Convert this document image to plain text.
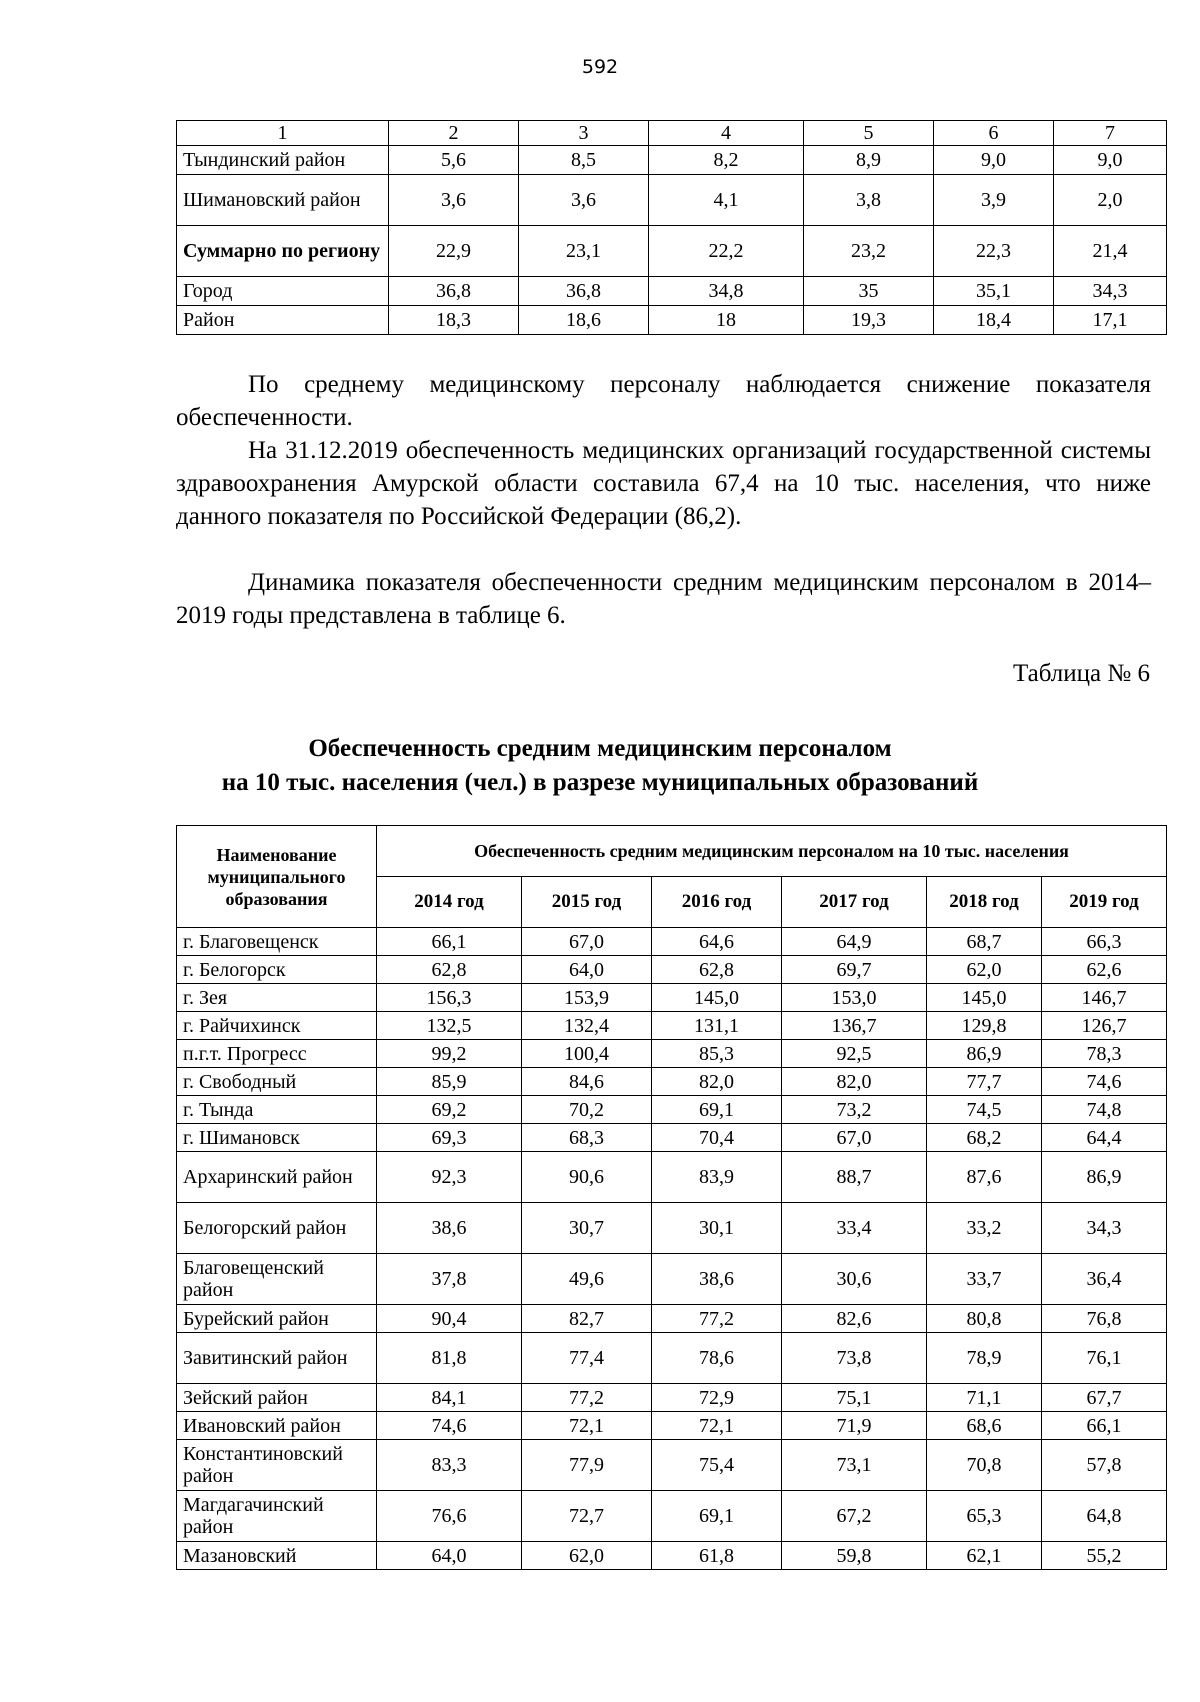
592
1	2	3	4	5	6	7
Тындинский район	5,6	8,5	8,2	8,9	9,0	9,0
Шимановский район	3,6	3,6	4,1	3,8	3,9	2,0
Суммарно по региону	22,9	23,1	22,2	23,2	22,3	21,4
Город	36,8	36,8	34,8	35	35,1	34,3
Район	18,3	18,6	18	19,3	18,4	17,1

По среднему медицинскому персоналу наблюдается снижение показателя обеспеченности.

На 31.12.2019 обеспеченность медицинских организаций государственной системы здравоохранения Амурской области составила 67,4 на 10 тыс. населения, что ниже данного показателя по Российской Федерации (86,2).

Динамика показателя обеспеченности средним медицинским персоналом в 2014–2019 годы представлена в таблице 6.

Таблица № 6

Обеспеченность средним медицинским персоналом
на 10 тыс. населения (чел.) в разрезе муниципальных образований
Наименование муниципального образования	Обеспеченность средним медицинским персоналом на 10 тыс. населения					
	2014 год	2015 год	2016 год	2017 год	2018 год	2019 год
г. Благовещенск	66,1	67,0	64,6	64,9	68,7	66,3
г. Белогорск	62,8	64,0	62,8	69,7	62,0	62,6
г. Зея	156,3	153,9	145,0	153,0	145,0	146,7
г. Райчихинск	132,5	132,4	131,1	136,7	129,8	126,7
п.г.т. Прогресс	99,2	100,4	85,3	92,5	86,9	78,3
г. Свободный	85,9	84,6	82,0	82,0	77,7	74,6
г. Тында	69,2	70,2	69,1	73,2	74,5	74,8
г. Шимановск	69,3	68,3	70,4	67,0	68,2	64,4
Архаринский район	92,3	90,6	83,9	88,7	87,6	86,9
Белогорский район	38,6	30,7	30,1	33,4	33,2	34,3
Благовещенский район	37,8	49,6	38,6	30,6	33,7	36,4
Бурейский район	90,4	82,7	77,2	82,6	80,8	76,8
Завитинский район	81,8	77,4	78,6	73,8	78,9	76,1
Зейский район	84,1	77,2	72,9	75,1	71,1	67,7
Ивановский район	74,6	72,1	72,1	71,9	68,6	66,1
Константиновский район	83,3	77,9	75,4	73,1	70,8	57,8
Магдагачинский район	76,6	72,7	69,1	67,2	65,3	64,8
Мазановский	64,0	62,0	61,8	59,8	62,1	55,2
